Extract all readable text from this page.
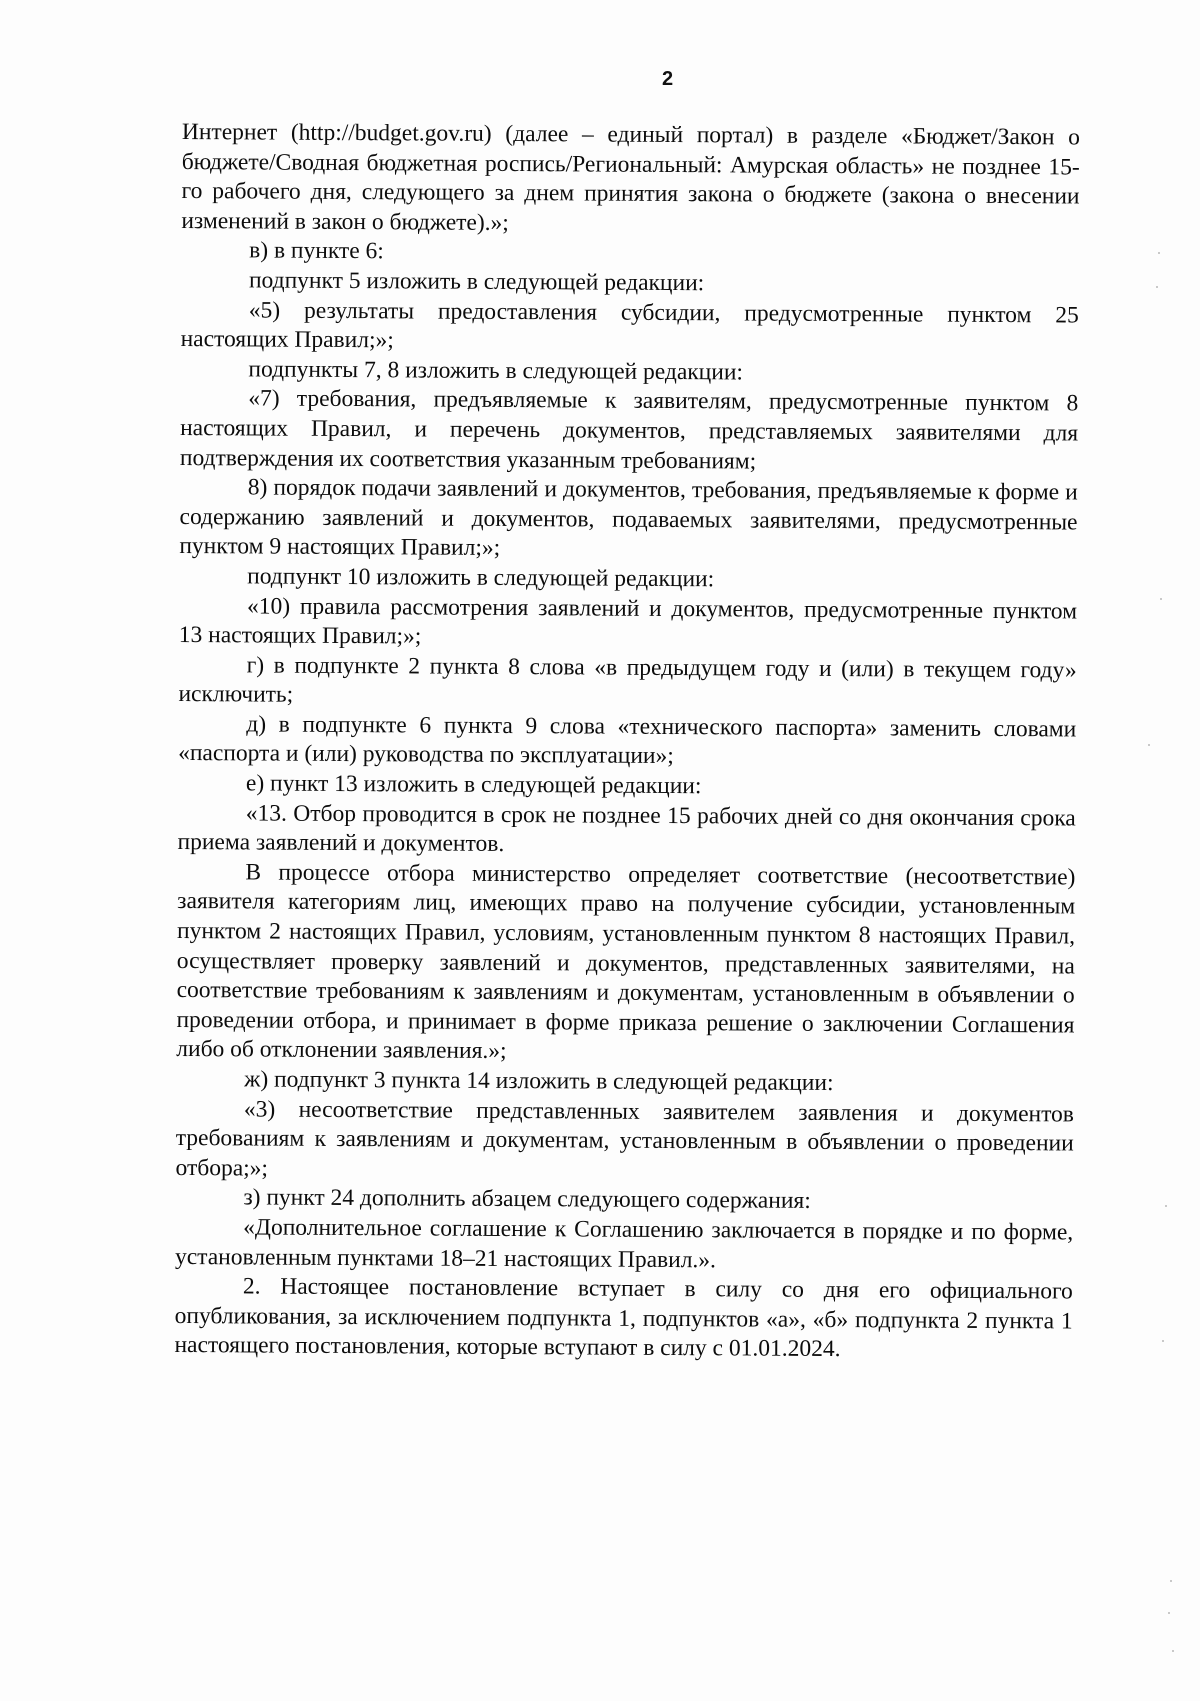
2

Интернет (http://budget.gov.ru) (далее – единый портал) в разделе «Бюджет/Закон о бюджете/Сводная бюджетная роспись/Региональный: Амурская область» не позднее 15-го рабочего дня, следующего за днем принятия закона о бюджете (закона о внесении изменений в закон о бюджете).»;

в) в пункте 6:

подпункт 5 изложить в следующей редакции:

«5) результаты предоставления субсидии, предусмотренные пунктом 25 настоящих Правил;»;

подпункты 7, 8 изложить в следующей редакции:

«7) требования, предъявляемые к заявителям, предусмотренные пунктом 8 настоящих Правил, и перечень документов, представляемых заявителями для подтверждения их соответствия указанным требованиям;

8) порядок подачи заявлений и документов, требования, предъявляемые к форме и содержанию заявлений и документов, подаваемых заявителями, предусмотренные пунктом 9 настоящих Правил;»;

подпункт 10 изложить в следующей редакции:

«10) правила рассмотрения заявлений и документов, предусмотренные пунктом 13 настоящих Правил;»;

г) в подпункте 2 пункта 8 слова «в предыдущем году и (или) в текущем году» исключить;

д) в подпункте 6 пункта 9 слова «технического паспорта» заменить словами «паспорта и (или) руководства по эксплуатации»;

е) пункт 13 изложить в следующей редакции:

«13. Отбор проводится в срок не позднее 15 рабочих дней со дня окончания срока приема заявлений и документов.

В процессе отбора министерство определяет соответствие (несоответствие) заявителя категориям лиц, имеющих право на получение субсидии, установленным пунктом 2 настоящих Правил, условиям, установленным пунктом 8 настоящих Правил, осуществляет проверку заявлений и документов, представленных заявителями, на соответствие требованиям к заявлениям и документам, установленным в объявлении о проведении отбора, и принимает в форме приказа решение о заключении Соглашения либо об отклонении заявления.»;

ж) подпункт 3 пункта 14 изложить в следующей редакции:

«3) несоответствие представленных заявителем заявления и документов требованиям к заявлениям и документам, установленным в объявлении о проведении отбора;»;

з) пункт 24 дополнить абзацем следующего содержания:

«Дополнительное соглашение к Соглашению заключается в порядке и по форме, установленным пунктами 18–21 настоящих Правил.».

2. Настоящее постановление вступает в силу со дня его официального опубликования, за исключением подпункта 1, подпунктов «а», «б» подпункта 2 пункта 1 настоящего постановления, которые вступают в силу с 01.01.2024.
